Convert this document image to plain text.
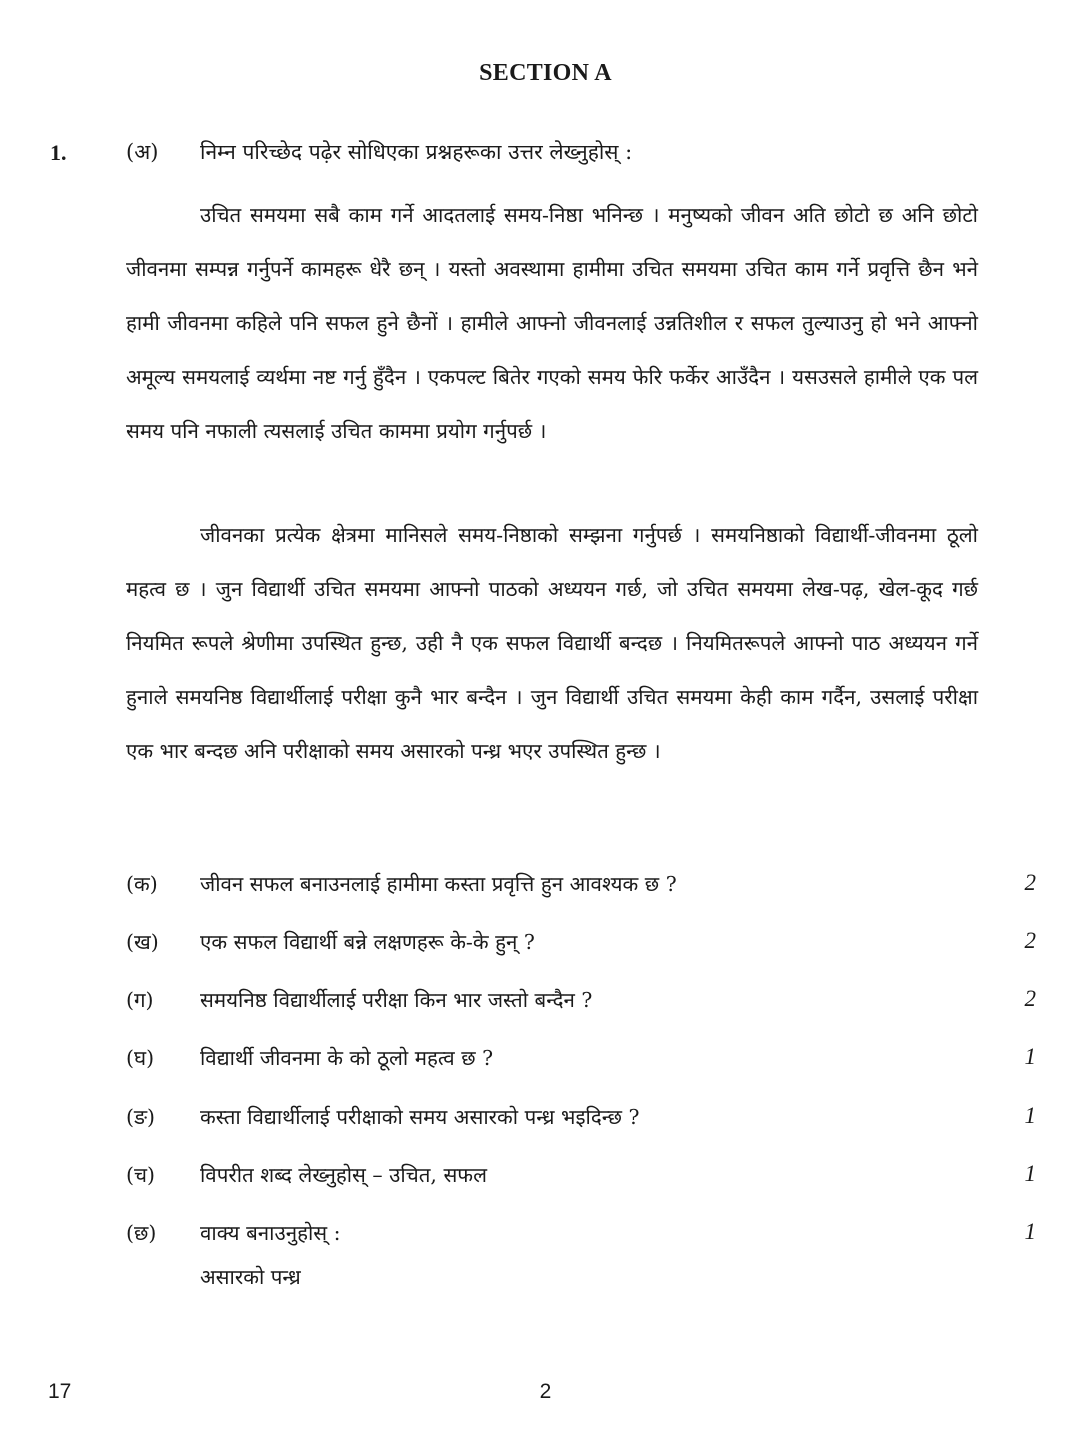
SECTION A
1.	(अ) निम्न परिच्छेद पढ़ेर सोधिएका प्रश्नहरूका उत्तर लेख्नुहोस् :

उचित समयमा सबै काम गर्ने आदतलाई समय-निष्ठा भनिन्छ । मनुष्यको जीवन अति छोटो छ अनि छोटो जीवनमा सम्पन्न गर्नुपर्ने कामहरू धेरै छन् । यस्तो अवस्थामा हामीमा उचित समयमा उचित काम गर्ने प्रवृत्ति छैन भने हामी जीवनमा कहिले पनि सफल हुने छैनों । हामीले आफ्नो जीवनलाई उन्नतिशील र सफल तुल्याउनु हो भने आफ्नो अमूल्य समयलाई व्यर्थमा नष्ट गर्नु हुँदैन । एकपल्ट बितेर गएको समय फेरि फर्केर आउँदैन । यसउसले हामीले एक पल समय पनि नफाली त्यसलाई उचित काममा प्रयोग गर्नुपर्छ ।

जीवनका प्रत्येक क्षेत्रमा मानिसले समय-निष्ठाको सम्झना गर्नुपर्छ । समयनिष्ठाको विद्यार्थी-जीवनमा ठूलो महत्व छ । जुन विद्यार्थी उचित समयमा आफ्नो पाठको अध्ययन गर्छ, जो उचित समयमा लेख-पढ़, खेल-कूद गर्छ नियमित रूपले श्रेणीमा उपस्थित हुन्छ, उही नै एक सफल विद्यार्थी बन्दछ । नियमितरूपले आफ्नो पाठ अध्ययन गर्ने हुनाले समयनिष्ठ विद्यार्थीलाई परीक्षा कुनै भार बन्दैन । जुन विद्यार्थी उचित समयमा केही काम गर्दैन, उसलाई परीक्षा एक भार बन्दछ अनि परीक्षाको समय असारको पन्ध्र भएर उपस्थित हुन्छ ।

(क) जीवन सफल बनाउनलाई हामीमा कस्ता प्रवृत्ति हुन आवश्यक छ ?	2
(ख) एक सफल विद्यार्थी बन्ने लक्षणहरू के-के हुन् ?	2
(ग) समयनिष्ठ विद्यार्थीलाई परीक्षा किन भार जस्तो बन्दैन ?	2
(घ) विद्यार्थी जीवनमा के को ठूलो महत्व छ ?	1
(ङ) कस्ता विद्यार्थीलाई परीक्षाको समय असारको पन्ध्र भइदिन्छ ?	1
(च) विपरीत शब्द लेख्नुहोस् – उचित, सफल	1
(छ) वाक्य बनाउनुहोस् :	1
असारको पन्ध्र
17	2
